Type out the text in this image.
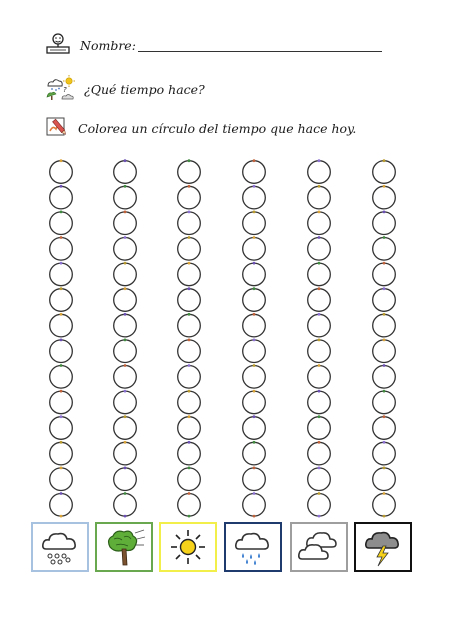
Nombre:
? ¿Qué tiempo hace?
Colorea un círculo del tiempo que hace hoy.
